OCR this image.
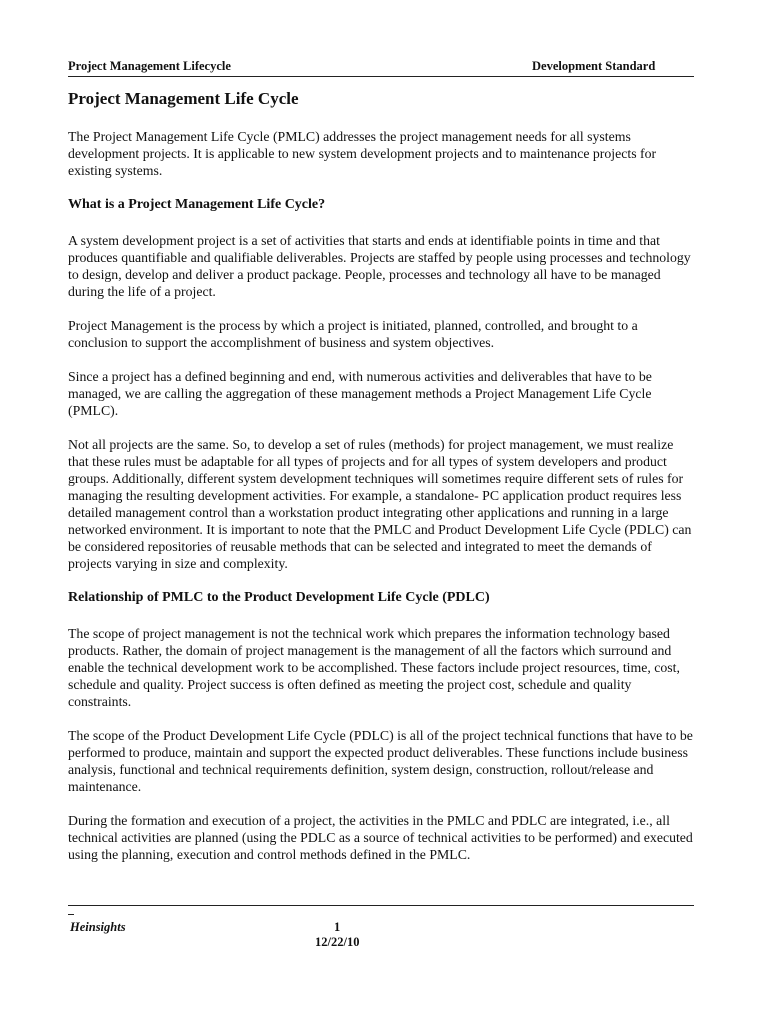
Project Management Lifecycle	Development Standard
Project Management Life Cycle

The Project Management Life Cycle (PMLC) addresses the project management needs for all systems development projects. It is applicable to new system development projects and to maintenance projects for existing systems.

What is a Project Management Life Cycle?

A system development project is a set of activities that starts and ends at identifiable points in time and that produces quantifiable and qualifiable deliverables. Projects are staffed by people using processes and technology to design, develop and deliver a product package. People, processes and technology all have to be managed during the life of a project.

Project Management is the process by which a project is initiated, planned, controlled, and brought to a conclusion to support the accomplishment of business and system objectives.

Since a project has a defined beginning and end, with numerous activities and deliverables that have to be managed, we are calling the aggregation of these management methods a Project Management Life Cycle (PMLC).

Not all projects are the same. So, to develop a set of rules (methods) for project management, we must realize that these rules must be adaptable for all types of projects and for all types of system developers and product groups. Additionally, different system development techniques will sometimes require different sets of rules for managing the resulting development activities. For example, a standalone- PC application product requires less detailed management control than a workstation product integrating other applications and running in a large networked environment. It is important to note that the PMLC and Product Development Life Cycle (PDLC) can be considered repositories of reusable methods that can be selected and integrated to meet the demands of projects varying in size and complexity.

Relationship of PMLC to the Product Development Life Cycle (PDLC)

The scope of project management is not the technical work which prepares the information technology based products. Rather, the domain of project management is the management of all the factors which surround and enable the technical development work to be accomplished. These factors include project resources, time, cost, schedule and quality. Project success is often defined as meeting the project cost, schedule and quality constraints.

The scope of the Product Development Life Cycle (PDLC) is all of the project technical functions that have to be performed to produce, maintain and support the expected product deliverables. These functions include business analysis, functional and technical requirements definition, system design, construction, rollout/release and maintenance.

During the formation and execution of a project, the activities in the PMLC and PDLC are integrated, i.e., all technical activities are planned (using the PDLC as a source of technical activities to be performed) and executed using the planning, execution and control methods defined in the PMLC.

Heinsights	1
12/22/10
